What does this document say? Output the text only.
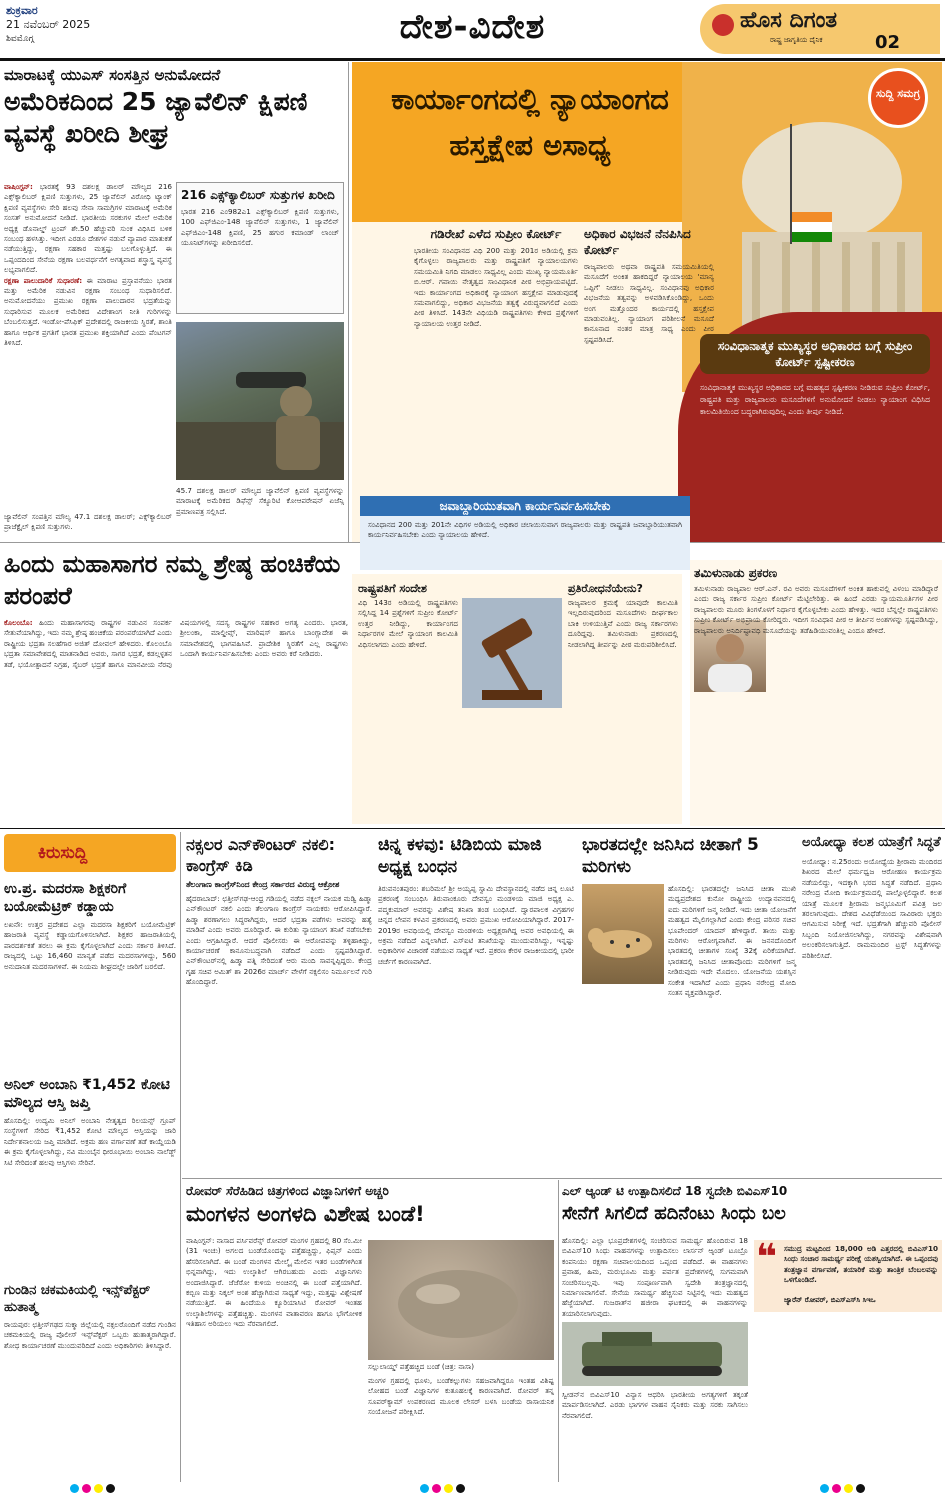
ಶುಕ್ರವಾರ
21 ನವೆಂಬರ್ 2025
ಶಿವಮೊಗ್ಗ	ದೇಶ-ವಿದೇಶ	ಹೊಸ ದಿಗಂತ
ರಾಷ್ಟ್ರ ಜಾಗೃತಿಯ ದೈನಿಕ	02
ಮಾರಾಟಕ್ಕೆ ಯುಎಸ್ ಸಂಸತ್ತಿನ ಅನುಮೋದನೆ
ಅಮೆರಿಕದಿಂದ 25 ಜ್ಯಾವೆಲಿನ್ ಕ್ಷಿಪಣಿ ವ್ಯವಸ್ಥೆ ಖರೀದಿ ಶೀಘ್ರ
ವಾಷಿಂಗ್ಟನ್: ಭಾರತಕ್ಕೆ 93 ದಶಲಕ್ಷ ಡಾಲರ್ ಮೌಲ್ಯದ 216 ಎಕ್ಸ್‌ಕ್ಯಾಲಿಬರ್ ಕ್ಷಿಪಣಿ ಸುತ್ತುಗಳು, 25 ಜ್ಯಾವೆಲಿನ್ ವಿರೋಧಿ ಟ್ಯಾಂಕ್ ಕ್ಷಿಪಣಿ ವ್ಯವಸ್ಥೆಗಳು ಸೇರಿ ಹಲವು ಸೇನಾ ಸಾಮಗ್ರಿಗಳ ಮಾರಾಟಕ್ಕೆ ಅಮೆರಿಕ ಸಂಸತ್ ಅನುಮೋದನೆ ನೀಡಿದೆ. ಭಾರತೀಯ ಸರಕುಗಳ ಮೇಲೆ ಅಮೆರಿಕ ಅಧ್ಯಕ್ಷ ಡೊನಾಲ್ಡ್ ಟ್ರಂಪ್ ಶೇ.50 ಹೆಚ್ಚುವರಿ ಸುಂಕ ವಿಧಿಸಿದ ಬಳಿಕ ಸಂಬಂಧ ಹಳಸಿತ್ತು. ಇದೀಗ ಎರಡೂ ದೇಶಗಳ ನಡುವೆ ವ್ಯಾಪಾರ ಮಾತುಕತೆ ನಡೆಯುತ್ತಿದ್ದು, ರಕ್ಷಣಾ ಸಹಕಾರ ಮತ್ತಷ್ಟು ಬಲಗೊಳ್ಳುತ್ತಿದೆ. ಈ ಒಪ್ಪಂದದಿಂದ ಸೇನೆಯ ರಕ್ಷಣಾ ಬಲವರ್ಧನೆಗೆ ಅಗತ್ಯವಾದ ಶಸ್ತ್ರಾಸ್ತ್ರ ವ್ಯವಸ್ಥೆ ಲಭ್ಯವಾಗಲಿದೆ.
ರಕ್ಷಣಾ ಪಾಲುದಾರಿಕೆ ಸುಧಾರಣೆ: ಈ ಮಾರಾಟ ಪ್ರಸ್ತಾವನೆಯು ಭಾರತ ಮತ್ತು ಅಮೆರಿಕ ನಡುವಿನ ರಕ್ಷಣಾ ಸಂಬಂಧ ಸುಧಾರಿಸಲಿದೆ. ಅನುಮೋದನೆಯು ಪ್ರಮುಖ ರಕ್ಷಣಾ ಪಾಲುದಾರನ ಭದ್ರತೆಯನ್ನು ಸುಧಾರಿಸುವ ಮೂಲಕ ಅಮೆರಿಕದ ವಿದೇಶಾಂಗ ನೀತಿ ಗುರಿಗಳನ್ನು ಬೆಂಬಲಿಸುತ್ತದೆ. ಇಂಡೋ-ಪೆಸಿಫಿಕ್ ಪ್ರದೇಶದಲ್ಲಿ ರಾಜಕೀಯ ಸ್ಥಿರತೆ, ಶಾಂತಿ ಹಾಗೂ ಆರ್ಥಿಕ ಪ್ರಗತಿಗೆ ಭಾರತ ಪ್ರಮುಖ ಶಕ್ತಿಯಾಗಿದೆ ಎಂದು ಪೆಂಟಗನ್ ತಿಳಿಸಿದೆ.
216 ಎಕ್ಸ್‌ಕ್ಯಾಲಿಬರ್ ಸುತ್ತುಗಳ ಖರೀದಿ
ಭಾರತ 216 ಎಂ982ಎ1 ಎಕ್ಸ್‌ಕ್ಯಾಲಿಬರ್ ಕ್ಷಿಪಣಿ ಸುತ್ತುಗಳು, 100 ಎಫ್‌ಜಿಎಂ-148 ಜ್ಯಾವೆಲಿನ್ ಸುತ್ತುಗಳು, 1 ಜ್ಯಾವೆಲಿನ್ ಎಫ್‌ಜಿಎಂ-148 ಕ್ಷಿಪಣಿ, 25 ಹಗುರ ಕಮಾಂಡ್ ಲಾಂಚ್ ಯೂನಿಟ್‌ಗಳನ್ನು ಖರೀದಿಸಲಿದೆ.
45.7 ದಶಲಕ್ಷ ಡಾಲರ್ ಮೌಲ್ಯದ ಜ್ಯಾವೆಲಿನ್ ಕ್ಷಿಪಣಿ ವ್ಯವಸ್ಥೆಗಳನ್ನು ಮಾರಾಟಕ್ಕೆ ಅಮೆರಿಕದ ಡಿಫೆನ್ಸ್ ಸೆಕ್ಯೂರಿಟಿ ಕೋಆಪರೇಷನ್ ಏಜೆನ್ಸಿ ಪ್ರಮಾಣಪತ್ರ ಸಲ್ಲಿಸಿದೆ.
ಜ್ಯಾವೆಲಿನ್ ಸಂಪತ್ತಿನ ಮೌಲ್ಯ 47.1 ದಶಲಕ್ಷ ಡಾಲರ್; ಎಕ್ಸ್‌ಕ್ಯಾಲಿಬರ್ ಪ್ರಾಜೆಕ್ಟೈಲ್ ಕ್ಷಿಪಣಿ ಸುತ್ತುಗಳು.
ಕಾರ್ಯಾಂಗದಲ್ಲಿ ನ್ಯಾಯಾಂಗದ ಹಸ್ತಕ್ಷೇಪ ಅಸಾಧ್ಯ
ಸುದ್ದಿ ಸಮಗ್ರ
ಗಡಿರೇಖೆ ಎಳೆದ ಸುಪ್ರೀಂ ಕೋರ್ಟ್
ಭಾರತೀಯ ಸಂವಿಧಾನದ ವಿಧಿ 200 ಮತ್ತು 201ರ ಅಡಿಯಲ್ಲಿ ಕ್ರಮ ಕೈಗೊಳ್ಳಲು ರಾಜ್ಯಪಾಲರು ಮತ್ತು ರಾಷ್ಟ್ರಪತಿಗೆ ನ್ಯಾಯಾಲಯಗಳು ಸಮಯಮಿತಿ ನಿಗದಿ ಮಾಡಲು ಸಾಧ್ಯವಿಲ್ಲ ಎಂದು ಮುಖ್ಯ ನ್ಯಾಯಮೂರ್ತಿ ಬಿ.ಆರ್. ಗವಾಯಿ ನೇತೃತ್ವದ ಸಾಂವಿಧಾನಿಕ ಪೀಠ ಅಭಿಪ್ರಾಯಪಟ್ಟಿದೆ. ಇದು ಕಾರ್ಯಾಂಗದ ಅಧಿಕಾರಕ್ಕೆ ನ್ಯಾಯಾಂಗ ಹಸ್ತಕ್ಷೇಪ ಮಾಡುವುದಕ್ಕೆ ಸಮವಾಗಲಿದ್ದು, ಅಧಿಕಾರ ವಿಭಜನೆಯ ತತ್ವಕ್ಕೆ ವಿರುದ್ಧವಾಗಲಿದೆ ಎಂದು ಪೀಠ ತಿಳಿಸಿದೆ. 143ನೇ ವಿಧಿಯಡಿ ರಾಷ್ಟ್ರಪತಿಗಳು ಕೇಳಿದ ಪ್ರಶ್ನೆಗಳಿಗೆ ನ್ಯಾಯಾಲಯ ಉತ್ತರ ನೀಡಿದೆ.
ಅಧಿಕಾರ ವಿಭಜನೆ ನೆನಪಿಸಿದ ಕೋರ್ಟ್
ರಾಜ್ಯಪಾಲರು ಅಥವಾ ರಾಷ್ಟ್ರಪತಿ ಸಮಯಮಿತಿಯಲ್ಲಿ ಮಸೂದೆಗೆ ಅಂಕಿತ ಹಾಕದಿದ್ದರೆ ನ್ಯಾಯಾಲಯ 'ಮಾನ್ಯ ಒಪ್ಪಿಗೆ' ನೀಡಲು ಸಾಧ್ಯವಿಲ್ಲ. ಸಂವಿಧಾನವು ಅಧಿಕಾರ ವಿಭಜನೆಯ ತತ್ವವನ್ನು ಅಳವಡಿಸಿಕೊಂಡಿದ್ದು, ಒಂದು ಅಂಗ ಮತ್ತೊಂದರ ಕಾರ್ಯದಲ್ಲಿ ಹಸ್ತಕ್ಷೇಪ ಮಾಡುವಂತಿಲ್ಲ. ನ್ಯಾಯಾಂಗ ಪರಿಶೀಲನೆ ಮಸೂದೆ ಕಾನೂನಾದ ನಂತರ ಮಾತ್ರ ಸಾಧ್ಯ ಎಂದು ಪೀಠ ಸ್ಪಷ್ಟಪಡಿಸಿದೆ.	ಸಂವಿಧಾನಾತ್ಮಕ ಮುಖ್ಯಸ್ಥರ ಅಧಿಕಾರದ ಬಗ್ಗೆ ಸುಪ್ರೀಂ ಕೋರ್ಟ್ ಸ್ಪಷ್ಟೀಕರಣ
ಸಂವಿಧಾನಾತ್ಮಕ ಮುಖ್ಯಸ್ಥರ ಅಧಿಕಾರದ ಬಗ್ಗೆ ಮಹತ್ವದ ಸ್ಪಷ್ಟೀಕರಣ ನೀಡಿರುವ ಸುಪ್ರೀಂ ಕೋರ್ಟ್, ರಾಷ್ಟ್ರಪತಿ ಮತ್ತು ರಾಜ್ಯಪಾಲರು ಮಸೂದೆಗಳಿಗೆ ಅನುಮೋದನೆ ನೀಡಲು ನ್ಯಾಯಾಂಗ ವಿಧಿಸಿದ ಕಾಲಮಿತಿಯಿಂದ ಬದ್ಧರಾಗಿರುವುದಿಲ್ಲ ಎಂದು ತೀರ್ಪು ನೀಡಿದೆ.
ಹಿಂದು ಮಹಾಸಾಗರ ನಮ್ಮ ಶ್ರೇಷ್ಠ ಹಂಚಿಕೆಯ ಪರಂಪರೆ
ಕೊಲಂಬೊ: ಹಿಂದು ಮಹಾಸಾಗರವು ರಾಷ್ಟ್ರಗಳ ನಡುವಿನ ಸಂಪರ್ಕ ಸೇತುವೆಯಾಗಿದ್ದು, ಇದು ನಮ್ಮ ಶ್ರೇಷ್ಠ ಹಂಚಿಕೆಯ ಪರಂಪರೆಯಾಗಿದೆ ಎಂದು ರಾಷ್ಟ್ರೀಯ ಭದ್ರತಾ ಸಲಹೆಗಾರ ಅಜಿತ್ ದೋವಲ್ ಹೇಳಿದರು. ಕೊಲಂಬೊ ಭದ್ರತಾ ಸಮಾವೇಶದಲ್ಲಿ ಮಾತನಾಡಿದ ಅವರು, ಸಾಗರ ಭದ್ರತೆ, ಕಡಲ್ಗಳ್ಳತನ ತಡೆ, ಭಯೋತ್ಪಾದನೆ ನಿಗ್ರಹ, ಸೈಬರ್ ಭದ್ರತೆ ಹಾಗೂ ಮಾನವೀಯ ನೆರವು ವಿಷಯಗಳಲ್ಲಿ ಸದಸ್ಯ ರಾಷ್ಟ್ರಗಳ ಸಹಕಾರ ಅಗತ್ಯ ಎಂದರು. ಭಾರತ, ಶ್ರೀಲಂಕಾ, ಮಾಲ್ಡೀವ್ಸ್, ಮಾರಿಷಸ್ ಹಾಗೂ ಬಾಂಗ್ಲಾದೇಶ ಈ ಸಮಾವೇಶದಲ್ಲಿ ಭಾಗವಹಿಸಿವೆ. ಪ್ರಾದೇಶಿಕ ಸ್ಥಿರತೆಗೆ ಎಲ್ಲ ರಾಷ್ಟ್ರಗಳು ಒಂದಾಗಿ ಕಾರ್ಯನಿರ್ವಹಿಸಬೇಕು ಎಂದು ಅವರು ಕರೆ ನೀಡಿದರು.
ಜವಾಬ್ದಾರಿಯುತವಾಗಿ ಕಾರ್ಯನಿರ್ವಹಿಸಬೇಕು
ಸಂವಿಧಾನದ 200 ಮತ್ತು 201ನೇ ವಿಧಿಗಳ ಅಡಿಯಲ್ಲಿ ಅಧಿಕಾರ ಚಲಾಯಿಸುವಾಗ ರಾಜ್ಯಪಾಲರು ಮತ್ತು ರಾಷ್ಟ್ರಪತಿ ಜವಾಬ್ದಾರಿಯುತವಾಗಿ ಕಾರ್ಯನಿರ್ವಹಿಸಬೇಕು ಎಂದು ನ್ಯಾಯಾಲಯ ಹೇಳಿದೆ.
ರಾಷ್ಟ್ರಪತಿಗೆ ಸಂದೇಶ
ವಿಧಿ 143ರ ಅಡಿಯಲ್ಲಿ ರಾಷ್ಟ್ರಪತಿಗಳು ಸಲ್ಲಿಸಿದ್ದ 14 ಪ್ರಶ್ನೆಗಳಿಗೆ ಸುಪ್ರೀಂ ಕೋರ್ಟ್ ಉತ್ತರ ನೀಡಿದ್ದು, ಕಾರ್ಯಾಂಗದ ನಿರ್ಧಾರಗಳ ಮೇಲೆ ನ್ಯಾಯಾಂಗ ಕಾಲಮಿತಿ ವಿಧಿಸಲಾಗದು ಎಂದು ಹೇಳಿದೆ.
ಪ್ರತಿರೋಧನೆಯೇನು?
ರಾಜ್ಯಪಾಲರ ಕ್ರಮಕ್ಕೆ ಯಾವುದೇ ಕಾಲಮಿತಿ ಇಲ್ಲದಿರುವುದರಿಂದ ಮಸೂದೆಗಳು ದೀರ್ಘಕಾಲ ಬಾಕಿ ಉಳಿಯುತ್ತಿವೆ ಎಂದು ರಾಜ್ಯ ಸರ್ಕಾರಗಳು ದೂರಿದ್ದವು. ತಮಿಳುನಾಡು ಪ್ರಕರಣದಲ್ಲಿ ನೀಡಲಾಗಿದ್ದ ತೀರ್ಪನ್ನು ಪೀಠ ಮರುಪರಿಶೀಲಿಸಿದೆ.
ತಮಿಳುನಾಡು ಪ್ರಕರಣ
ತಮಿಳುನಾಡು ರಾಜ್ಯಪಾಲ ಆರ್.ಎನ್. ರವಿ ಅವರು ಮಸೂದೆಗಳಿಗೆ ಅಂಕಿತ ಹಾಕುವಲ್ಲಿ ವಿಳಂಬ ಮಾಡಿದ್ದಾರೆ ಎಂದು ರಾಜ್ಯ ಸರ್ಕಾರ ಸುಪ್ರೀಂ ಕೋರ್ಟ್ ಮೆಟ್ಟಿಲೇರಿತ್ತು. ಈ ಹಿಂದೆ ಎರಡು ನ್ಯಾಯಮೂರ್ತಿಗಳ ಪೀಠ ರಾಜ್ಯಪಾಲರು ಮೂರು ತಿಂಗಳೊಳಗೆ ನಿರ್ಧಾರ ಕೈಗೊಳ್ಳಬೇಕು ಎಂದು ಹೇಳಿತ್ತು. ಇದರ ಬೆನ್ನಲ್ಲೇ ರಾಷ್ಟ್ರಪತಿಗಳು ಸುಪ್ರೀಂ ಕೋರ್ಟ್ ಅಭಿಪ್ರಾಯ ಕೋರಿದ್ದರು. ಇದೀಗ ಸಂವಿಧಾನ ಪೀಠ ಆ ತೀರ್ಪಿನ ಅಂಶಗಳನ್ನು ಸ್ಪಷ್ಟಪಡಿಸಿದ್ದು, ರಾಜ್ಯಪಾಲರು ಅನಿರ್ದಿಷ್ಟಾವಧಿ ಮಸೂದೆಯನ್ನು ತಡೆಹಿಡಿಯುವಂತಿಲ್ಲ ಎಂದೂ ಹೇಳಿದೆ.
ಕಿರುಸುದ್ದಿ
ಉ.ಪ್ರ. ಮದರಸಾ ಶಿಕ್ಷಕರಿಗೆ ಬಯೋಮೆಟ್ರಿಕ್ ಕಡ್ಡಾಯ
ಲಖನೌ: ಉತ್ತರ ಪ್ರದೇಶದ ಎಲ್ಲಾ ಮದರಸಾ ಶಿಕ್ಷಕರಿಗೆ ಬಯೋಮೆಟ್ರಿಕ್ ಹಾಜರಾತಿ ವ್ಯವಸ್ಥೆ ಕಡ್ಡಾಯಗೊಳಿಸಲಾಗಿದೆ. ಶಿಕ್ಷಕರ ಹಾಜರಾತಿಯಲ್ಲಿ ಪಾರದರ್ಶಕತೆ ತರಲು ಈ ಕ್ರಮ ಕೈಗೊಳ್ಳಲಾಗಿದೆ ಎಂದು ಸರ್ಕಾರ ತಿಳಿಸಿದೆ. ರಾಜ್ಯದಲ್ಲಿ ಒಟ್ಟು 16,460 ಮಾನ್ಯತೆ ಪಡೆದ ಮದರಸಾಗಳಿದ್ದು, 560 ಅನುದಾನಿತ ಮದರಸಾಗಳಿವೆ. ಈ ನಿಯಮ ಶೀಘ್ರದಲ್ಲೇ ಜಾರಿಗೆ ಬರಲಿದೆ.
ಅನಿಲ್ ಅಂಬಾನಿ ₹1,452 ಕೋಟಿ ಮೌಲ್ಯದ ಆಸ್ತಿ ಜಪ್ತಿ
ಹೊಸದಿಲ್ಲಿ: ಉದ್ಯಮಿ ಅನಿಲ್ ಅಂಬಾನಿ ನೇತೃತ್ವದ ರಿಲಯನ್ಸ್ ಗ್ರೂಪ್ ಸಂಸ್ಥೆಗಳಿಗೆ ಸೇರಿದ ₹1,452 ಕೋಟಿ ಮೌಲ್ಯದ ಆಸ್ತಿಯನ್ನು ಜಾರಿ ನಿರ್ದೇಶನಾಲಯ ಜಪ್ತಿ ಮಾಡಿದೆ. ಅಕ್ರಮ ಹಣ ವರ್ಗಾವಣೆ ತಡೆ ಕಾಯ್ದೆಯಡಿ ಈ ಕ್ರಮ ಕೈಗೊಳ್ಳಲಾಗಿದ್ದು, ನವಿ ಮುಂಬೈನ ಧೀರೂಭಾಯಿ ಅಂಬಾನಿ ನಾಲೆಡ್ಜ್ ಸಿಟಿ ಸೇರಿದಂತೆ ಹಲವು ಆಸ್ತಿಗಳು ಸೇರಿವೆ.
ಗುಂಡಿನ ಚಕಮಕಿಯಲ್ಲಿ ಇನ್ಸ್‌ಪೆಕ್ಟರ್ ಹುತಾತ್ಮ
ರಾಯಪುರ: ಛತ್ತೀಸ್‌ಗಢದ ಸುಕ್ಮಾ ಜಿಲ್ಲೆಯಲ್ಲಿ ನಕ್ಸಲರೊಂದಿಗೆ ನಡೆದ ಗುಂಡಿನ ಚಕಮಕಿಯಲ್ಲಿ ರಾಜ್ಯ ಪೊಲೀಸ್ ಇನ್ಸ್‌ಪೆಕ್ಟರ್ ಒಬ್ಬರು ಹುತಾತ್ಮರಾಗಿದ್ದಾರೆ. ಶೋಧ ಕಾರ್ಯಾಚರಣೆ ಮುಂದುವರಿದಿದೆ ಎಂದು ಅಧಿಕಾರಿಗಳು ತಿಳಿಸಿದ್ದಾರೆ.
ನಕ್ಸಲರ ಎನ್‌ಕೌಂಟರ್ ನಕಲಿ: ಕಾಂಗ್ರೆಸ್ ಕಿಡಿ
ತೆಲಂಗಾಣ ಕಾಂಗ್ರೆಸ್‌ನಿಂದ ಕೇಂದ್ರ ಸರ್ಕಾರದ ವಿರುದ್ಧ ಆಕ್ರೋಶ
ಹೈದರಾಬಾದ್: ಛತ್ತೀಸ್‌ಗಢ-ಆಂಧ್ರ ಗಡಿಯಲ್ಲಿ ನಡೆದ ನಕ್ಸಲ್ ನಾಯಕ ಮಡ್ವಿ ಹಿಡ್ಮಾ ಎನ್‌ಕೌಂಟರ್ ನಕಲಿ ಎಂದು ತೆಲಂಗಾಣ ಕಾಂಗ್ರೆಸ್ ನಾಯಕರು ಆರೋಪಿಸಿದ್ದಾರೆ. ಹಿಡ್ಮಾ ಶರಣಾಗಲು ಸಿದ್ಧರಾಗಿದ್ದರು, ಆದರೆ ಭದ್ರತಾ ಪಡೆಗಳು ಅವರನ್ನು ಹತ್ಯೆ ಮಾಡಿವೆ ಎಂದು ಅವರು ದೂರಿದ್ದಾರೆ. ಈ ಕುರಿತು ನ್ಯಾಯಾಂಗ ತನಿಖೆ ನಡೆಸಬೇಕು ಎಂದು ಆಗ್ರಹಿಸಿದ್ದಾರೆ. ಆದರೆ ಪೊಲೀಸರು ಈ ಆರೋಪವನ್ನು ತಳ್ಳಿಹಾಕಿದ್ದು, ಕಾರ್ಯಾಚರಣೆ ಕಾನೂನುಬದ್ಧವಾಗಿ ನಡೆದಿದೆ ಎಂದು ಸ್ಪಷ್ಟಪಡಿಸಿದ್ದಾರೆ. ಎನ್‌ಕೌಂಟರ್‌ನಲ್ಲಿ ಹಿಡ್ಮಾ ಪತ್ನಿ ಸೇರಿದಂತೆ ಆರು ಮಂದಿ ಸಾವನ್ನಪ್ಪಿದ್ದರು. ಕೇಂದ್ರ ಗೃಹ ಸಚಿವ ಅಮಿತ್ ಶಾ 2026ರ ಮಾರ್ಚ್ ವೇಳೆಗೆ ನಕ್ಸಲಿಸಂ ನಿರ್ಮೂಲನೆ ಗುರಿ ಹೊಂದಿದ್ದಾರೆ.
ಚಿನ್ನ ಕಳವು: ಟಿಡಿಬಿಯ ಮಾಜಿ ಅಧ್ಯಕ್ಷ ಬಂಧನ
ತಿರುವನಂತಪುರಂ: ಶಬರಿಮಲೆ ಶ್ರೀ ಅಯ್ಯಪ್ಪ ಸ್ವಾಮಿ ದೇವಸ್ಥಾನದಲ್ಲಿ ನಡೆದ ಚಿನ್ನ ಲೂಟಿ ಪ್ರಕರಣಕ್ಕೆ ಸಂಬಂಧಿಸಿ ತಿರುವಾಂಕೂರು ದೇವಸ್ವಂ ಮಂಡಳಿಯ ಮಾಜಿ ಅಧ್ಯಕ್ಷ ಎ. ಪದ್ಮಕುಮಾರ್ ಅವರನ್ನು ವಿಶೇಷ ತನಿಖಾ ತಂಡ ಬಂಧಿಸಿದೆ. ದ್ವಾರಪಾಲಕ ವಿಗ್ರಹಗಳ ಚಿನ್ನದ ಲೇಪನ ಕಳವಿನ ಪ್ರಕರಣದಲ್ಲಿ ಅವರು ಪ್ರಮುಖ ಆರೋಪಿಯಾಗಿದ್ದಾರೆ. 2017-2019ರ ಅವಧಿಯಲ್ಲಿ ದೇವಸ್ವಂ ಮಂಡಳಿಯ ಅಧ್ಯಕ್ಷರಾಗಿದ್ದ ಅವರ ಅವಧಿಯಲ್ಲಿ ಈ ಅಕ್ರಮ ನಡೆದಿದೆ ಎನ್ನಲಾಗಿದೆ. ಎಸ್‌ಐಟಿ ತನಿಖೆಯನ್ನು ಮುಂದುವರಿಸಿದ್ದು, ಇನ್ನಷ್ಟು ಅಧಿಕಾರಿಗಳ ವಿಚಾರಣೆ ನಡೆಯುವ ಸಾಧ್ಯತೆ ಇದೆ. ಪ್ರಕರಣ ಕೇರಳ ರಾಜಕೀಯದಲ್ಲಿ ಭಾರೀ ಚರ್ಚೆಗೆ ಕಾರಣವಾಗಿದೆ.
ಭಾರತದಲ್ಲೇ ಜನಿಸಿದ ಚೀತಾಗೆ 5 ಮರಿಗಳು
ಹೊಸದಿಲ್ಲಿ: ಭಾರತದಲ್ಲೇ ಜನಿಸಿದ ಚೀತಾ ಮುಖಿ ಮಧ್ಯಪ್ರದೇಶದ ಕುನೋ ರಾಷ್ಟ್ರೀಯ ಉದ್ಯಾನವನದಲ್ಲಿ ಐದು ಮರಿಗಳಿಗೆ ಜನ್ಮ ನೀಡಿದೆ. ಇದು ಚೀತಾ ಯೋಜನೆಗೆ ಮಹತ್ವದ ಮೈಲಿಗಲ್ಲಾಗಿದೆ ಎಂದು ಕೇಂದ್ರ ಪರಿಸರ ಸಚಿವ ಭೂಪೇಂದರ್ ಯಾದವ್ ಹೇಳಿದ್ದಾರೆ. ತಾಯಿ ಮತ್ತು ಮರಿಗಳು ಆರೋಗ್ಯವಾಗಿವೆ. ಈ ಜನನದೊಂದಿಗೆ ಭಾರತದಲ್ಲಿ ಚೀತಾಗಳ ಸಂಖ್ಯೆ 32ಕ್ಕೆ ಏರಿಕೆಯಾಗಿದೆ. ಭಾರತದಲ್ಲಿ ಜನಿಸಿದ ಚೀತಾವೊಂದು ಮರಿಗಳಿಗೆ ಜನ್ಮ ನೀಡಿರುವುದು ಇದೇ ಮೊದಲು. ಯೋಜನೆಯ ಯಶಸ್ಸಿನ ಸಂಕೇತ ಇದಾಗಿದೆ ಎಂದು ಪ್ರಧಾನಿ ನರೇಂದ್ರ ಮೋದಿ ಸಂತಸ ವ್ಯಕ್ತಪಡಿಸಿದ್ದಾರೆ.
ಅಯೋಧ್ಯಾ ಕಲಶ ಯಾತ್ರೆಗೆ ಸಿದ್ಧತೆ
ಅಯೋಧ್ಯಾ: ನ.25ರಂದು ಅಯೋಧ್ಯೆಯ ಶ್ರೀರಾಮ ಮಂದಿರದ ಶಿಖರದ ಮೇಲೆ ಧರ್ಮಧ್ವಜ ಆರೋಹಣ ಕಾರ್ಯಕ್ರಮ ನಡೆಯಲಿದ್ದು, ಇದಕ್ಕಾಗಿ ಭರದ ಸಿದ್ಧತೆ ನಡೆದಿದೆ. ಪ್ರಧಾನಿ ನರೇಂದ್ರ ಮೋದಿ ಕಾರ್ಯಕ್ರಮದಲ್ಲಿ ಪಾಲ್ಗೊಳ್ಳಲಿದ್ದಾರೆ. ಕಲಶ ಯಾತ್ರೆ ಮೂಲಕ ಶ್ರೀರಾಮ ಜನ್ಮಭೂಮಿಗೆ ಪವಿತ್ರ ಜಲ ತರಲಾಗುವುದು. ದೇಶದ ವಿವಿಧೆಡೆಯಿಂದ ಸಾವಿರಾರು ಭಕ್ತರು ಆಗಮಿಸುವ ನಿರೀಕ್ಷೆ ಇದೆ. ಭದ್ರತೆಗಾಗಿ ಹೆಚ್ಚುವರಿ ಪೊಲೀಸ್ ಸಿಬ್ಬಂದಿ ನಿಯೋಜಿಸಲಾಗಿದ್ದು, ನಗರವನ್ನು ವಿಶೇಷವಾಗಿ ಅಲಂಕರಿಸಲಾಗುತ್ತಿದೆ. ರಾಮಮಂದಿರ ಟ್ರಸ್ಟ್ ಸಿದ್ಧತೆಗಳನ್ನು ಪರಿಶೀಲಿಸಿದೆ.
ರೋವರ್ ಸೆರೆಹಿಡಿದ ಚಿತ್ರಗಳಿಂದ ವಿಜ್ಞಾನಿಗಳಿಗೆ ಅಚ್ಚರಿ
ಮಂಗಳನ ಅಂಗಳದಿ ವಿಶೇಷ ಬಂಡೆ!
ವಾಷಿಂಗ್ಟನ್: ನಾಸಾದ ಪರ್ಸಿವರೆನ್ಸ್ ರೋವರ್ ಮಂಗಳ ಗ್ರಹದಲ್ಲಿ 80 ಸೆಂ.ಮೀ (31 ಇಂಚು) ಅಗಲದ ಬಂಡೆಯೊಂದನ್ನು ಪತ್ತೆಹಚ್ಚಿದ್ದು, ಫಿಪ್ಸನ್ ಎಂದು ಹೆಸರಿಸಲಾಗಿದೆ. ಈ ಬಂಡೆ ಮಂಗಳನ ಮೇಲ್ಮೈ ಮೇಲಿನ ಇತರ ಬಂಡೆಗಳಿಗಿಂತ ಭಿನ್ನವಾಗಿದ್ದು, ಇದು ಉಲ್ಕಾಶಿಲೆ ಆಗಿರಬಹುದು ಎಂದು ವಿಜ್ಞಾನಿಗಳು ಅಂದಾಜಿಸಿದ್ದಾರೆ. ಜೆಜೆರೋ ಕುಳಿಯ ಅಂಚಿನಲ್ಲಿ ಈ ಬಂಡೆ ಪತ್ತೆಯಾಗಿದೆ. ಕಬ್ಬಿಣ ಮತ್ತು ನಿಕ್ಕಲ್ ಅಂಶ ಹೆಚ್ಚಾಗಿರುವ ಸಾಧ್ಯತೆ ಇದ್ದು, ಮತ್ತಷ್ಟು ವಿಶ್ಲೇಷಣೆ ನಡೆಯುತ್ತಿದೆ. ಈ ಹಿಂದೆಯೂ ಕ್ಯೂರಿಯಾಸಿಟಿ ರೋವರ್ ಇಂತಹ ಉಲ್ಕಾಶಿಲೆಗಳನ್ನು ಪತ್ತೆಹಚ್ಚಿತ್ತು. ಮಂಗಳನ ವಾತಾವರಣ ಹಾಗೂ ಭೌಗೋಳಿಕ ಇತಿಹಾಸ ಅರಿಯಲು ಇದು ನೆರವಾಗಲಿದೆ.
ಸಲ್ಲುಲಾಯ್ಡ್ ಪತ್ತೆಹಚ್ಚಿದ ಬಂಡೆ (ಚಿತ್ರ: ನಾಸಾ)
ಮಂಗಳ ಗ್ರಹದಲ್ಲಿ ಧೂಳು, ಬಂಡೆಕಲ್ಲುಗಳು ಸಹಜವಾಗಿದ್ದರೂ ಇಂತಹ ವಿಶಿಷ್ಟ ಲೋಹದ ಬಂಡೆ ವಿಜ್ಞಾನಿಗಳ ಕುತೂಹಲಕ್ಕೆ ಕಾರಣವಾಗಿದೆ. ರೋವರ್ ತನ್ನ ಸೂಪರ್‌ಕ್ಯಾಮ್ ಉಪಕರಣದ ಮೂಲಕ ಲೇಸರ್ ಬಳಸಿ ಬಂಡೆಯ ರಾಸಾಯನಿಕ ಸಂಯೋಜನೆ ಪರೀಕ್ಷಿಸಿದೆ.
ಎಲ್ ಆ್ಯಂಡ್ ಟಿ ಉತ್ಪಾದಿಸಲಿದೆ 18 ಸ್ವದೇಶಿ ಬಿವಿಎಸ್10
ಸೇನೆಗೆ ಸಿಗಲಿದೆ ಹದಿನೆಂಟು ಸಿಂಧು ಬಲ
ಹೊಸದಿಲ್ಲಿ: ಎಲ್ಲಾ ಭೂಪ್ರದೇಶಗಳಲ್ಲಿ ಸಂಚರಿಸುವ ಸಾಮರ್ಥ್ಯ ಹೊಂದಿರುವ 18 ಬಿವಿಎಸ್10 ಸಿಂಧು ವಾಹನಗಳನ್ನು ಉತ್ಪಾದಿಸಲು ಲಾರ್ಸನ್ ಆ್ಯಂಡ್ ಟೂಬ್ರೊ ಕಂಪನಿಯು ರಕ್ಷಣಾ ಸಚಿವಾಲಯದಿಂದ ಒಪ್ಪಂದ ಪಡೆದಿದೆ. ಈ ವಾಹನಗಳು ಪ್ರವಾಹ, ಹಿಮ, ಮರುಭೂಮಿ ಮತ್ತು ಪರ್ವತ ಪ್ರದೇಶಗಳಲ್ಲಿ ಸುಗಮವಾಗಿ ಸಂಚರಿಸಬಲ್ಲವು. ಇವು ಸಂಪೂರ್ಣವಾಗಿ ಸ್ವದೇಶಿ ತಂತ್ರಜ್ಞಾನದಲ್ಲಿ ನಿರ್ಮಾಣವಾಗಲಿವೆ. ಸೇನೆಯ ಸಾಮರ್ಥ್ಯ ಹೆಚ್ಚಿಸುವ ನಿಟ್ಟಿನಲ್ಲಿ ಇದು ಮಹತ್ವದ ಹೆಜ್ಜೆಯಾಗಿದೆ. ಗುಜರಾತ್‌ನ ಹಜೀರಾ ಘಟಕದಲ್ಲಿ ಈ ವಾಹನಗಳನ್ನು ತಯಾರಿಸಲಾಗುವುದು.
ಸ್ವೀಡನ್‌ನ ಬಿವಿಎಸ್10 ವಿನ್ಯಾಸ ಆಧರಿಸಿ ಭಾರತೀಯ ಅಗತ್ಯಗಳಿಗೆ ತಕ್ಕಂತೆ ಮಾರ್ಪಡಿಸಲಾಗಿದೆ. ಎರಡು ಭಾಗಗಳ ವಾಹನ ಸೈನಿಕರು ಮತ್ತು ಸರಕು ಸಾಗಿಸಲು ನೆರವಾಗಲಿದೆ.
❝ ಸಮುದ್ರ ಮಟ್ಟದಿಂದ 18,000 ಅಡಿ ಎತ್ತರದಲ್ಲಿ ಬಿವಿಎಸ್10 ಸಿಂಧು ಸಂಚಾರ ಸಾಮರ್ಥ್ಯ ಪರೀಕ್ಷೆ ಯಶಸ್ವಿಯಾಗಿದೆ. ಈ ಒಪ್ಪಂದವು ತಂತ್ರಜ್ಞಾನ ವರ್ಗಾವಣೆ, ತಯಾರಿಕೆ ಮತ್ತು ತಾಂತ್ರಿಕ ಬೆಂಬಲವನ್ನು ಒಳಗೊಂಡಿದೆ.
ಜ್ಯಾರೆನ್ ರೋವರ್, ಬಿಎಸ್ಎಸ್‌ಸಿ ಸಿಇಒ
